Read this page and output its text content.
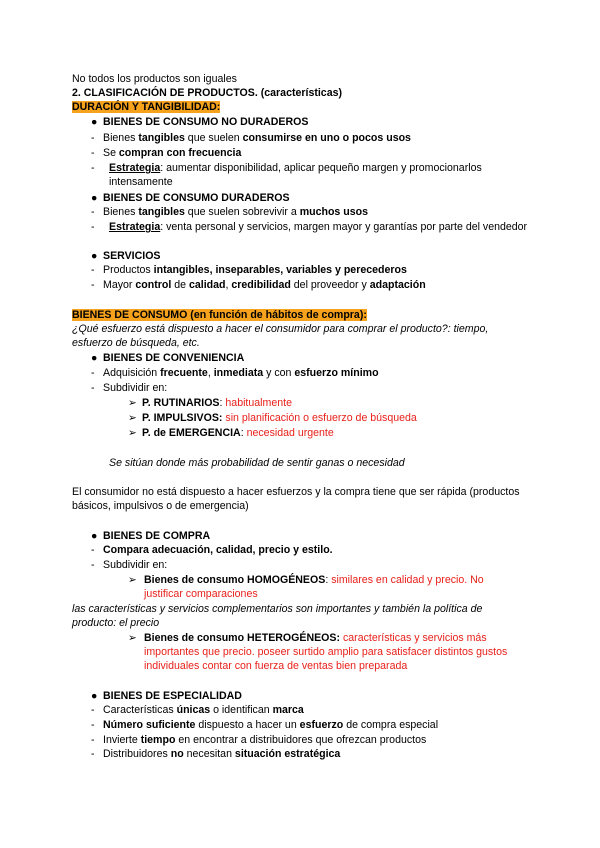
No todos los productos son iguales
2. CLASIFICACIÓN DE PRODUCTOS. (características)
DURACIÓN Y TANGIBILIDAD:
● BIENES DE CONSUMO NO DURADEROS
- Bienes tangibles que suelen consumirse en uno o pocos usos
- Se compran con frecuencia
-	Estrategia: aumentar disponibilidad, aplicar pequeño margen y promocionarlos intensamente
● BIENES DE CONSUMO DURADEROS
- Bienes tangibles que suelen sobrevivir a muchos usos
-	Estrategia: venta personal y servicios, margen mayor y garantías por parte del vendedor
● SERVICIOS
- Productos intangibles, inseparables, variables y perecederos
- Mayor control de calidad, credibilidad del proveedor y adaptación
BIENES DE CONSUMO (en función de hábitos de compra):
¿Qué esfuerzo está dispuesto a hacer el consumidor para comprar el producto?: tiempo, esfuerzo de búsqueda, etc.
● BIENES DE CONVENIENCIA
- Adquisición frecuente, inmediata y con esfuerzo mínimo
- Subdividir en:
➢ P. RUTINARIOS: habitualmente
➢ P. IMPULSIVOS: sin planificación o esfuerzo de búsqueda
➢ P. de EMERGENCIA: necesidad urgente
Se sitúan donde más probabilidad de sentir ganas o necesidad
El consumidor no está dispuesto a hacer esfuerzos y la compra tiene que ser rápida (productos básicos, impulsivos o de emergencia)
● BIENES DE COMPRA
- Compara adecuación, calidad, precio y estilo.
- Subdividir en:
➢ Bienes de consumo HOMOGÉNEOS: similares en calidad y precio. No justificar comparaciones
las características y servicios complementarios son importantes y también la política de producto: el precio
➢ Bienes de consumo HETEROGÉNEOS: características y servicios más importantes que precio. poseer surtido amplio para satisfacer distintos gustos individuales contar con fuerza de ventas bien preparada
● BIENES DE ESPECIALIDAD
- Características únicas o identifican marca
- Número suficiente dispuesto a hacer un esfuerzo de compra especial
- Invierte tiempo en encontrar a distribuidores que ofrezcan productos
- Distribuidores no necesitan situación estratégica
